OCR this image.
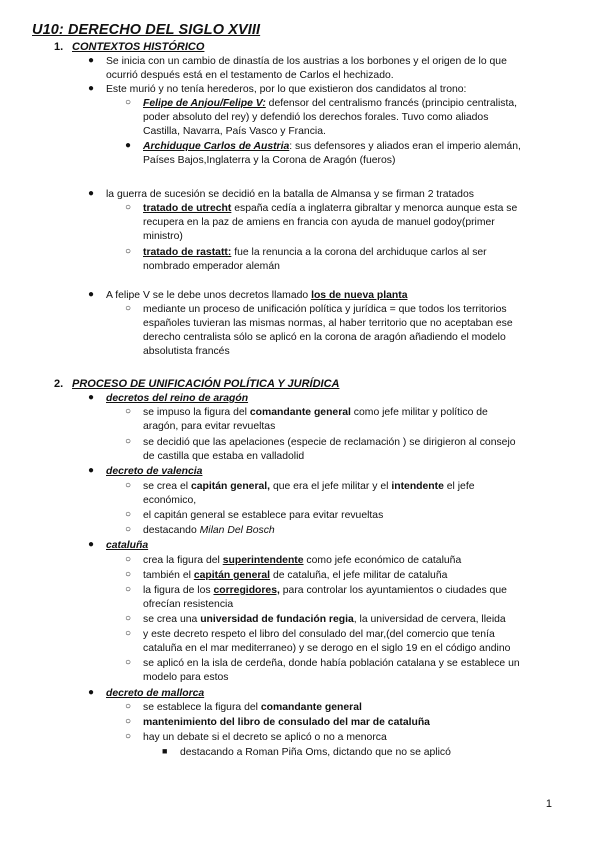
U10: DERECHO DEL SIGLO XVIII
1. CONTEXTOS HISTÓRICO
● Se inicia con un cambio de dinastía de los austrias a los borbones y el origen de lo que
ocurrió después está en el testamento de Carlos el hechizado.
● Este murió y no tenía herederos, por lo que existieron dos candidatos al trono:
○ Felipe de Anjou/Felipe V: defensor del centralismo francés (principio centralista,
poder absoluto del rey) y defendió los derechos forales. Tuvo como aliados
Castilla, Navarra, País Vasco y Francia.
● Archiduque Carlos de Austria: sus defensores y aliados eran el imperio alemán,
Países Bajos,Inglaterra y la Corona de Aragón (fueros)
● la guerra de sucesión se decidió en la batalla de Almansa y se firman 2 tratados
○ tratado de utrecht españa cedía a inglaterra gibraltar y menorca aunque esta se
recupera en la paz de amiens en francia con ayuda de manuel godoy(primer
ministro)
○ tratado de rastatt: fue la renuncia a la corona del archiduque carlos al ser
nombrado emperador alemán
● A felipe V se le debe unos decretos llamado los de nueva planta
○ mediante un proceso de unificación política y jurídica = que todos los territorios
españoles tuvieran las mismas normas, al haber territorio que no aceptaban ese
derecho centralista sólo se aplicó en la corona de aragón añadiendo el modelo
absolutista francés
2. PROCESO DE UNIFICACIÓN POLÍTICA Y JURÍDICA
● decretos del reino de aragón
○ se impuso la figura del comandante general como jefe militar y político de
aragón, para evitar revueltas
○ se decidió que las apelaciones (especie de reclamación ) se dirigieron al consejo
de castilla que estaba en valladolid
● decreto de valencia
○ se crea el capitán general, que era el jefe militar y el intendente el jefe
económico,
○ el capitán general se establece para evitar revueltas
○ destacando Milan Del Bosch
● cataluña
○ crea la figura del superintendente como jefe económico de cataluña
○ también el capitán general de cataluña, el jefe militar de cataluña
○ la figura de los corregidores, para controlar los ayuntamientos o ciudades que
ofrecían resistencia
○ se crea una universidad de fundación regia, la universidad de cervera, lleida
○ y este decreto respeto el libro del consulado del mar,(del comercio que tenía
cataluña en el mar mediterraneo) y se derogo en el siglo 19 en el código andino
○ se aplicó en la isla de cerdeña, donde había población catalana y se establece un
modelo para estos
● decreto de mallorca
○ se establece la figura del comandante general
○ mantenimiento del libro de consulado del mar de cataluña
○ hay un debate si el decreto se aplicó o no a menorca
■ destacando a Roman Piña Oms, dictando que no se aplicó
1
